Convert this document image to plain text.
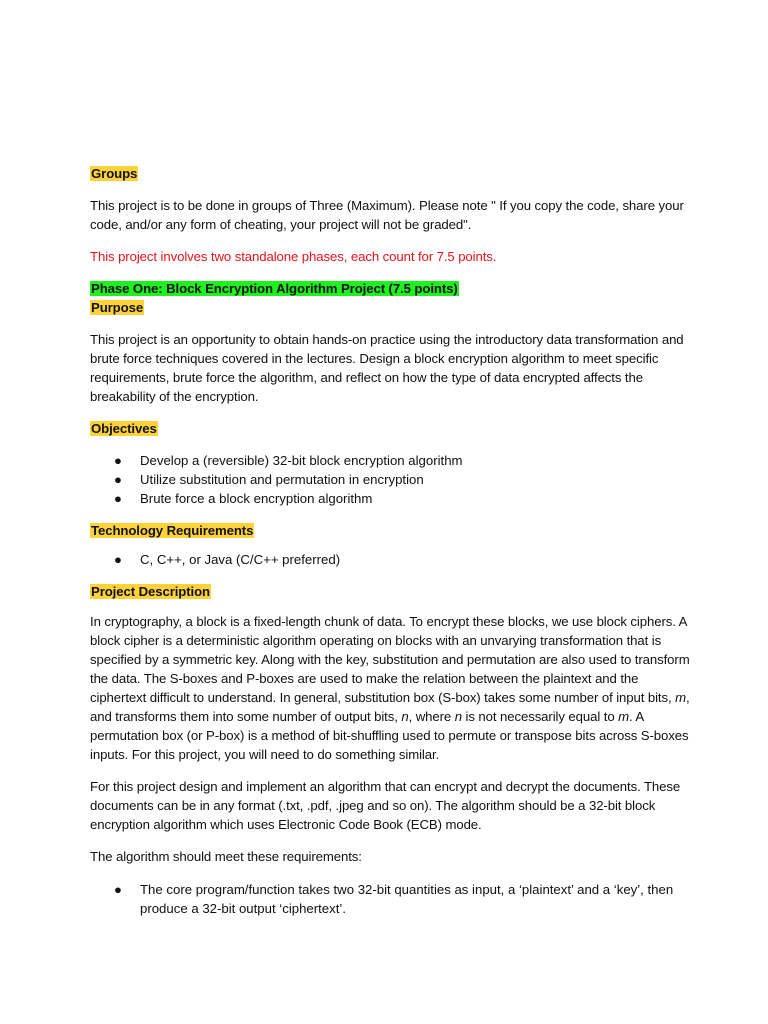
Groups

This project is to be done in groups of Three (Maximum). Please note " If you copy the code, share your code, and/or any form of cheating, your project will not be graded".

This project involves two standalone phases, each count for 7.5 points.

Phase One: Block Encryption Algorithm Project (7.5 points)

Purpose

This project is an opportunity to obtain hands-on practice using the introductory data transformation and brute force techniques covered in the lectures. Design a block encryption algorithm to meet specific requirements, brute force the algorithm, and reflect on how the type of data encrypted affects the breakability of the encryption.

Objectives

● Develop a (reversible) 32-bit block encryption algorithm
● Utilize substitution and permutation in encryption
● Brute force a block encryption algorithm

Technology Requirements

● C, C++, or Java (C/C++ preferred)

Project Description

In cryptography, a block is a fixed-length chunk of data. To encrypt these blocks, we use block ciphers. A block cipher is a deterministic algorithm operating on blocks with an unvarying transformation that is specified by a symmetric key. Along with the key, substitution and permutation are also used to transform the data. The S-boxes and P-boxes are used to make the relation between the plaintext and the ciphertext difficult to understand. In general, substitution box (S-box) takes some number of input bits, m, and transforms them into some number of output bits, n, where n is not necessarily equal to m. A permutation box (or P-box) is a method of bit-shuffling used to permute or transpose bits across S-boxes inputs. For this project, you will need to do something similar.

For this project design and implement an algorithm that can encrypt and decrypt the documents. These documents can be in any format (.txt, .pdf, .jpeg and so on). The algorithm should be a 32-bit block encryption algorithm which uses Electronic Code Book (ECB) mode.

The algorithm should meet these requirements:

● The core program/function takes two 32-bit quantities as input, a ‘plaintext’ and a ‘key’, then produce a 32-bit output ‘ciphertext’.
